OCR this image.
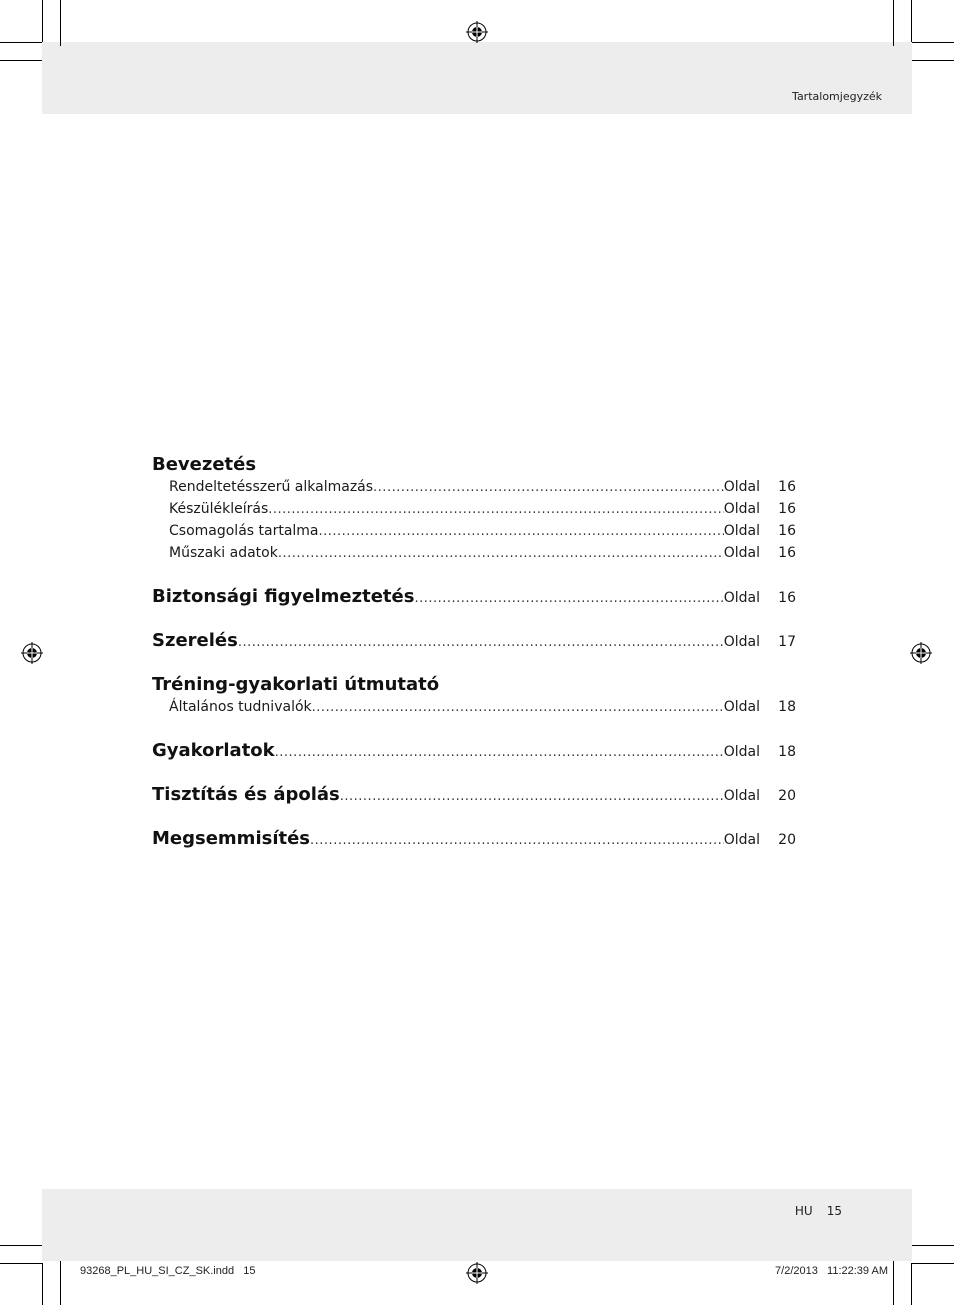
Tartalomjegyzék
Bevezetés
Rendeltetésszerű alkalmazás .....	Oldal	16
Készülékleírás .....	Oldal	16
Csomagolás tartalma .....	Oldal	16
Műszaki adatok .....	Oldal	16
Biztonsági figyelmeztetés .....	Oldal	16
Szerelés .....	Oldal	17
Tréning-gyakorlati útmutató
Általános tudnivalók .....	Oldal	18
Gyakorlatok .....	Oldal	18
Tisztítás és ápolás .....	Oldal	20
Megsemmisítés .....	Oldal	20
HU 15
93268_PL_HU_SI_CZ_SK.indd   15	7/2/2013   11:22:39 AM
